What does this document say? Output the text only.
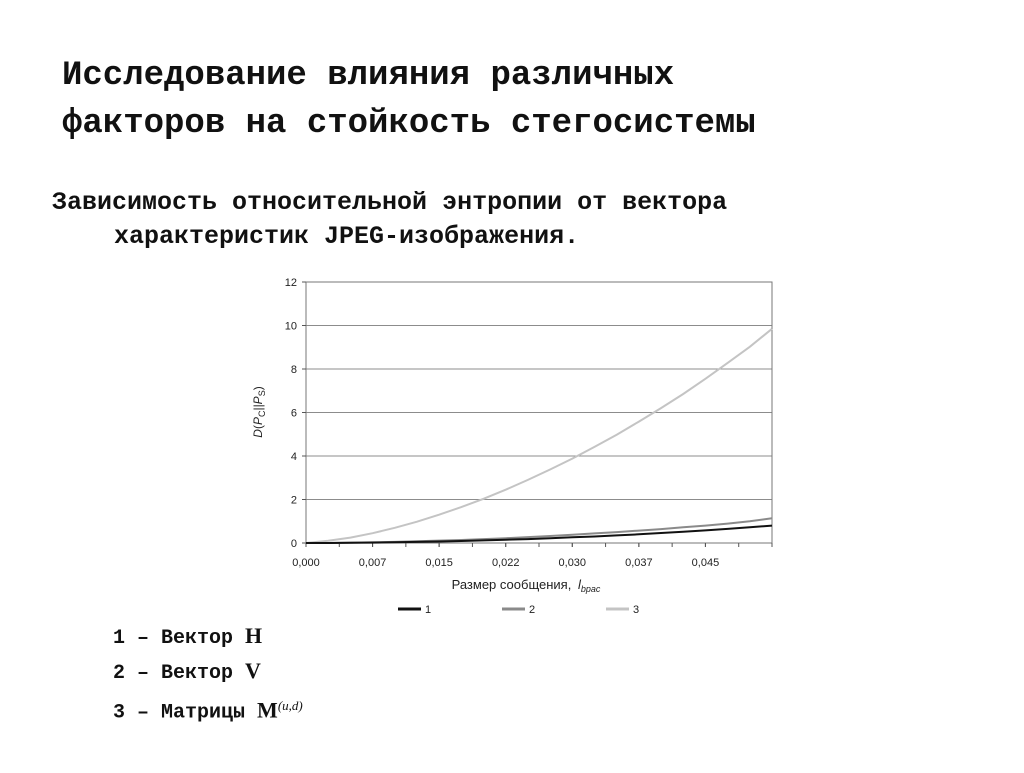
Исследование влияния различных
факторов на стойкость стегосистемы

Зависимость относительной энтропии от вектора характеристик JPEG-изображения.

0
2
4
6
8
10
12
0,000	0,007	0,015	0,022	0,030	0,037	0,045
$D(P_C||P_S)$
Размер сообщения, $l_{bpac}$
1	2	3
1 – Вектор H
2 – Вектор V
3 – Матрицы M$^{(u,d)}$
